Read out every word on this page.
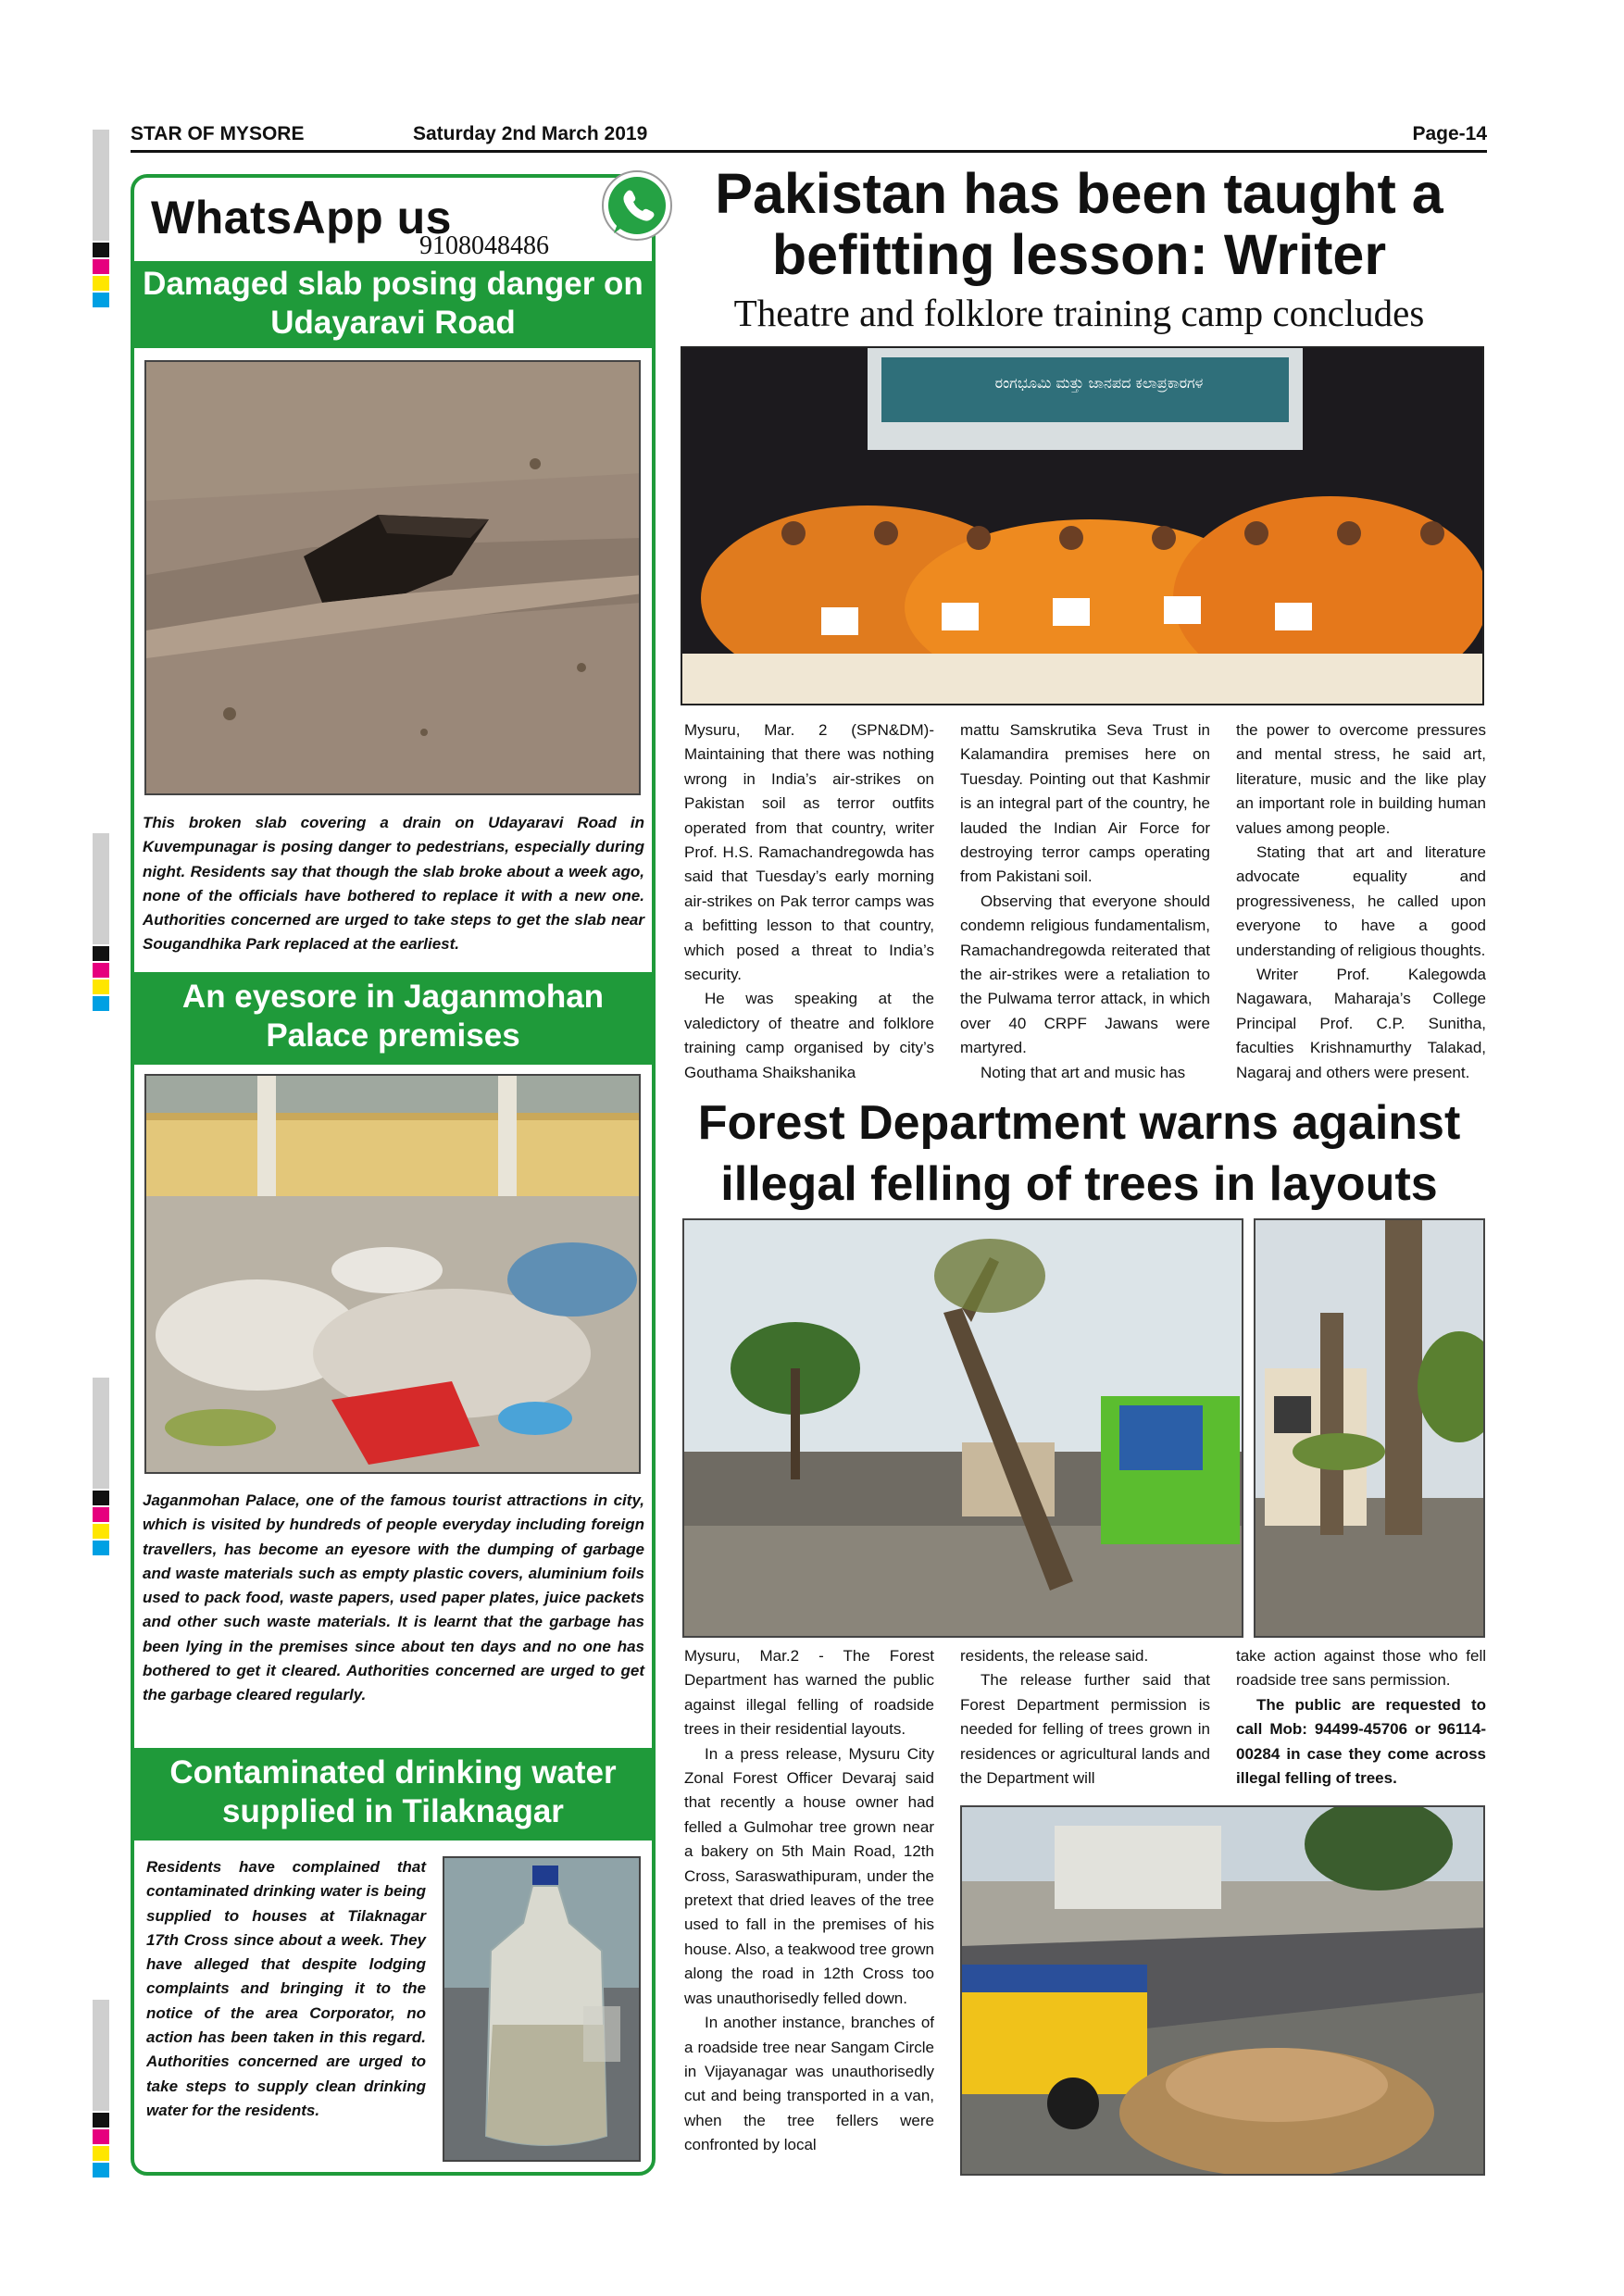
STAR OF MYSORE	Saturday 2nd March 2019	Page-14
WhatsApp us
9108048486
Damaged slab posing danger on Udayaravi Road
This broken slab covering a drain on Udayaravi Road in Kuvempunagar is posing danger to pedestrians, especially during night. Residents say that though the slab broke about a week ago, none of the officials have bothered to replace it with a new one. Authorities concerned are urged to take steps to get the slab near Sougandhika Park replaced at the earliest.
An eyesore in Jaganmohan Palace premises
Jaganmohan Palace, one of the famous tourist attractions in city, which is visited by hundreds of people everyday including foreign travellers, has become an eyesore with the dumping of garbage and waste materials such as empty plastic covers, aluminium foils used to pack food, waste papers, used paper plates, juice packets and other such waste materials. It is learnt that the garbage has been lying in the premises since about ten days and no one has bothered to get it cleared. Authorities concerned are urged to get the garbage cleared regularly.
Contaminated drinking water supplied in Tilaknagar
Residents have complained that contaminated drinking water is being supplied to houses at Tilaknagar 17th Cross since about a week. They have alleged that despite lodging complaints and bringing it to the notice of the area Corporator, no action has been taken in this regard. Authorities concerned are urged to take steps to supply clean drinking water for the residents.
Pakistan has been taught a befitting lesson: Writer
Theatre and folklore training camp concludes
ರಂಗಭೂಮಿ ಮತ್ತು ಜಾನಪದ ಕಲಾಪ್ರಕಾರಗಳ

Mysuru, Mar. 2 (SPN&DM)- Maintaining that there was nothing wrong in India’s air-strikes on Pakistan soil as terror outfits operated from that country, writer Prof. H.S. Ramachandregowda has said that Tuesday’s early morning air-strikes on Pak terror camps was a befitting lesson to that country, which posed a threat to India’s security.

He was speaking at the valedictory of theatre and folklore training camp organised by city’s Gouthama Shaikshanika

mattu Samskrutika Seva Trust in Kalamandira premises here on Tuesday. Pointing out that Kashmir is an integral part of the country, he lauded the Indian Air Force for destroying terror camps operating from Pakistani soil.

Observing that everyone should condemn religious fundamentalism, Ramachandregowda reiterated that the air-strikes were a retaliation to the Pulwama terror attack, in which over 40 CRPF Jawans were martyred.

Noting that art and music has

the power to overcome pressures and mental stress, he said art, literature, music and the like play an important role in building human values among people.

Stating that art and literature advocate equality and progressiveness, he called upon everyone to have a good understanding of religious thoughts.

Writer Prof. Kalegowda Nagawara, Maharaja’s College Principal Prof. C.P. Sunitha, faculties Krishnamurthy Talakad, Nagaraj and others were present.

Forest Department warns against illegal felling of trees in layouts

Mysuru, Mar.2 - The Forest Department has warned the public against illegal felling of roadside trees in their residential layouts.

In a press release, Mysuru City Zonal Forest Officer Devaraj said that recently a house owner had felled a Gulmohar tree grown near a bakery on 5th Main Road, 12th Cross, Saraswathipuram, under the pretext that dried leaves of the tree used to fall in the premises of his house. Also, a teakwood tree grown along the road in 12th Cross too was unauthorisedly felled down.

In another instance, branches of a roadside tree near Sangam Circle in Vijayanagar was unauthorisedly cut and being transported in a van, when the tree fellers were confronted by local

residents, the release said.

The release further said that Forest Department permission is needed for felling of trees grown in residences or agricultural lands and the Department will

take action against those who fell roadside tree sans permission.

The public are requested to call Mob: 94499-45706 or 96114-00284 in case they come across illegal felling of trees.
